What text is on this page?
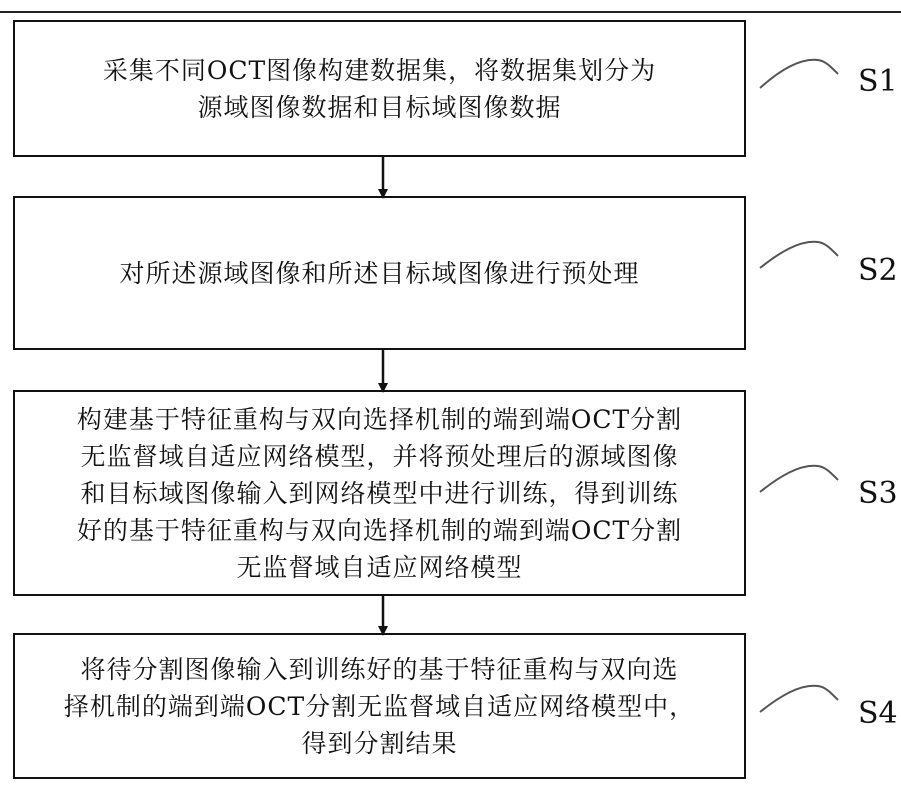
采集不同OCT图像构建数据集，将数据集划分为
源域图像数据和目标域图像数据
对所述源域图像和所述目标域图像进行预处理
构建基于特征重构与双向选择机制的端到端OCT分割
无监督域自适应网络模型，并将预处理后的源域图像
和目标域图像输入到网络模型中进行训练，得到训练
好的基于特征重构与双向选择机制的端到端OCT分割
无监督域自适应网络模型
将待分割图像输入到训练好的基于特征重构与双向选
择机制的端到端OCT分割无监督域自适应网络模型中，
得到分割结果
S1
S2
S3
S4
